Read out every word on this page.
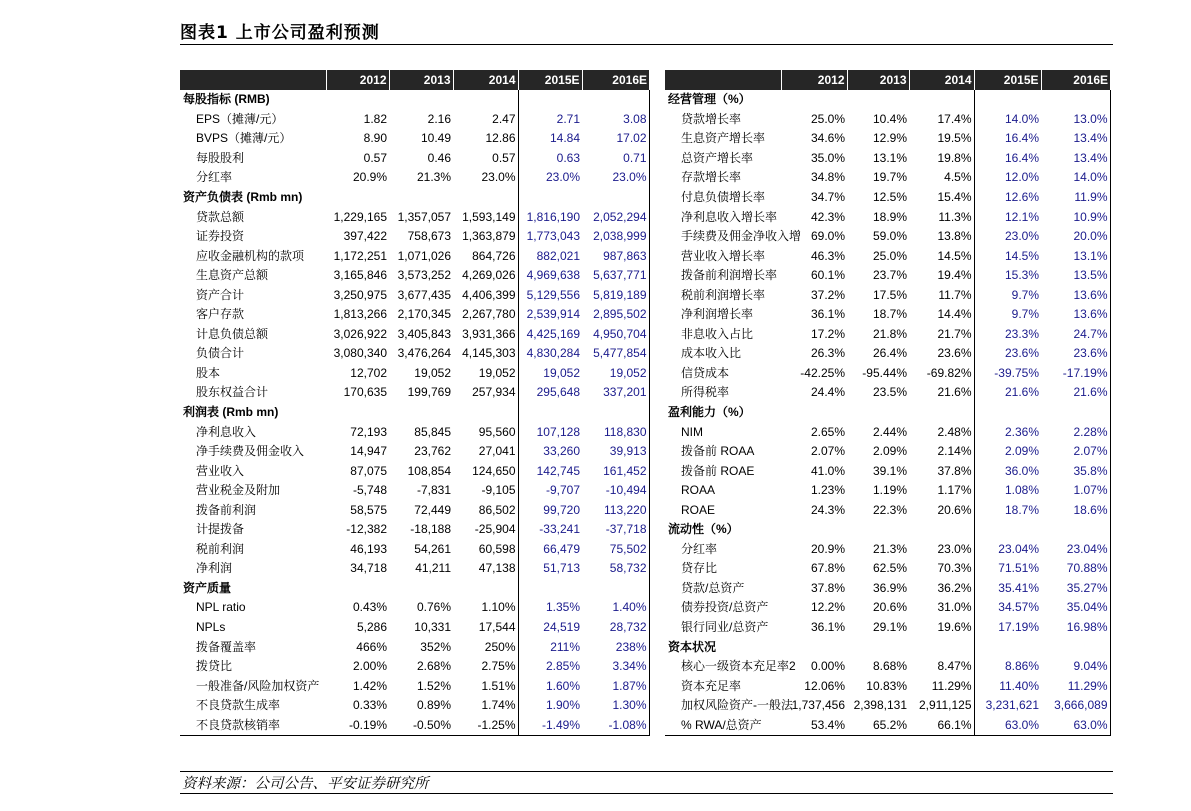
图表1 上市公司盈利预测
	2012	2013	2014	2015E	2016E
每股指标 (RMB)					
EPS（摊薄/元）	1.82	2.16	2.47	2.71	3.08
BVPS（摊薄/元）	8.90	10.49	12.86	14.84	17.02
每股股利	0.57	0.46	0.57	0.63	0.71
分红率	20.9%	21.3%	23.0%	23.0%	23.0%
资产负债表 (Rmb mn)					
贷款总额	1,229,165	1,357,057	1,593,149	1,816,190	2,052,294
证券投资	397,422	758,673	1,363,879	1,773,043	2,038,999
应收金融机构的款项	1,172,251	1,071,026	864,726	882,021	987,863
生息资产总额	3,165,846	3,573,252	4,269,026	4,969,638	5,637,771
资产合计	3,250,975	3,677,435	4,406,399	5,129,556	5,819,189
客户存款	1,813,266	2,170,345	2,267,780	2,539,914	2,895,502
计息负债总额	3,026,922	3,405,843	3,931,366	4,425,169	4,950,704
负债合计	3,080,340	3,476,264	4,145,303	4,830,284	5,477,854
股本	12,702	19,052	19,052	19,052	19,052
股东权益合计	170,635	199,769	257,934	295,648	337,201
利润表 (Rmb mn)					
净利息收入	72,193	85,845	95,560	107,128	118,830
净手续费及佣金收入	14,947	23,762	27,041	33,260	39,913
营业收入	87,075	108,854	124,650	142,745	161,452
营业税金及附加	-5,748	-7,831	-9,105	-9,707	-10,494
拨备前利润	58,575	72,449	86,502	99,720	113,220
计提拨备	-12,382	-18,188	-25,904	-33,241	-37,718
税前利润	46,193	54,261	60,598	66,479	75,502
净利润	34,718	41,211	47,138	51,713	58,732
资产质量					
NPL ratio	0.43%	0.76%	1.10%	1.35%	1.40%
NPLs	5,286	10,331	17,544	24,519	28,732
拨备覆盖率	466%	352%	250%	211%	238%
拨贷比	2.00%	2.68%	2.75%	2.85%	3.34%
一般准备/风险加权资产	1.42%	1.52%	1.51%	1.60%	1.87%
不良贷款生成率	0.33%	0.89%	1.74%	1.90%	1.30%
不良贷款核销率	-0.19%	-0.50%	-1.25%	-1.49%	-1.08%
	2012	2013	2014	2015E	2016E
经营管理（%）					
贷款增长率	25.0%	10.4%	17.4%	14.0%	13.0%
生息资产增长率	34.6%	12.9%	19.5%	16.4%	13.4%
总资产增长率	35.0%	13.1%	19.8%	16.4%	13.4%
存款增长率	34.8%	19.7%	4.5%	12.0%	14.0%
付息负债增长率	34.7%	12.5%	15.4%	12.6%	11.9%
净利息收入增长率	42.3%	18.9%	11.3%	12.1%	10.9%
手续费及佣金净收入增	69.0%	59.0%	13.8%	23.0%	20.0%
营业收入增长率	46.3%	25.0%	14.5%	14.5%	13.1%
拨备前利润增长率	60.1%	23.7%	19.4%	15.3%	13.5%
税前利润增长率	37.2%	17.5%	11.7%	9.7%	13.6%
净利润增长率	36.1%	18.7%	14.4%	9.7%	13.6%
非息收入占比	17.2%	21.8%	21.7%	23.3%	24.7%
成本收入比	26.3%	26.4%	23.6%	23.6%	23.6%
信贷成本	-42.25%	-95.44%	-69.82%	-39.75%	-17.19%
所得税率	24.4%	23.5%	21.6%	21.6%	21.6%
盈利能力（%）					
NIM	2.65%	2.44%	2.48%	2.36%	2.28%
拨备前 ROAA	2.07%	2.09%	2.14%	2.09%	2.07%
拨备前 ROAE	41.0%	39.1%	37.8%	36.0%	35.8%
ROAA	1.23%	1.19%	1.17%	1.08%	1.07%
ROAE	24.3%	22.3%	20.6%	18.7%	18.6%
流动性（%）					
分红率	20.9%	21.3%	23.0%	23.04%	23.04%
贷存比	67.8%	62.5%	70.3%	71.51%	70.88%
贷款/总资产	37.8%	36.9%	36.2%	35.41%	35.27%
债券投资/总资产	12.2%	20.6%	31.0%	34.57%	35.04%
银行同业/总资产	36.1%	29.1%	19.6%	17.19%	16.98%
资本状况					
核心一级资本充足率2	0.00%	8.68%	8.47%	8.86%	9.04%
资本充足率	12.06%	10.83%	11.29%	11.40%	11.29%
加权风险资产-一般法	1,737,456	2,398,131	2,911,125	3,231,621	3,666,089
% RWA/总资产	53.4%	65.2%	66.1%	63.0%	63.0%
资料来源：公司公告、平安证券研究所
